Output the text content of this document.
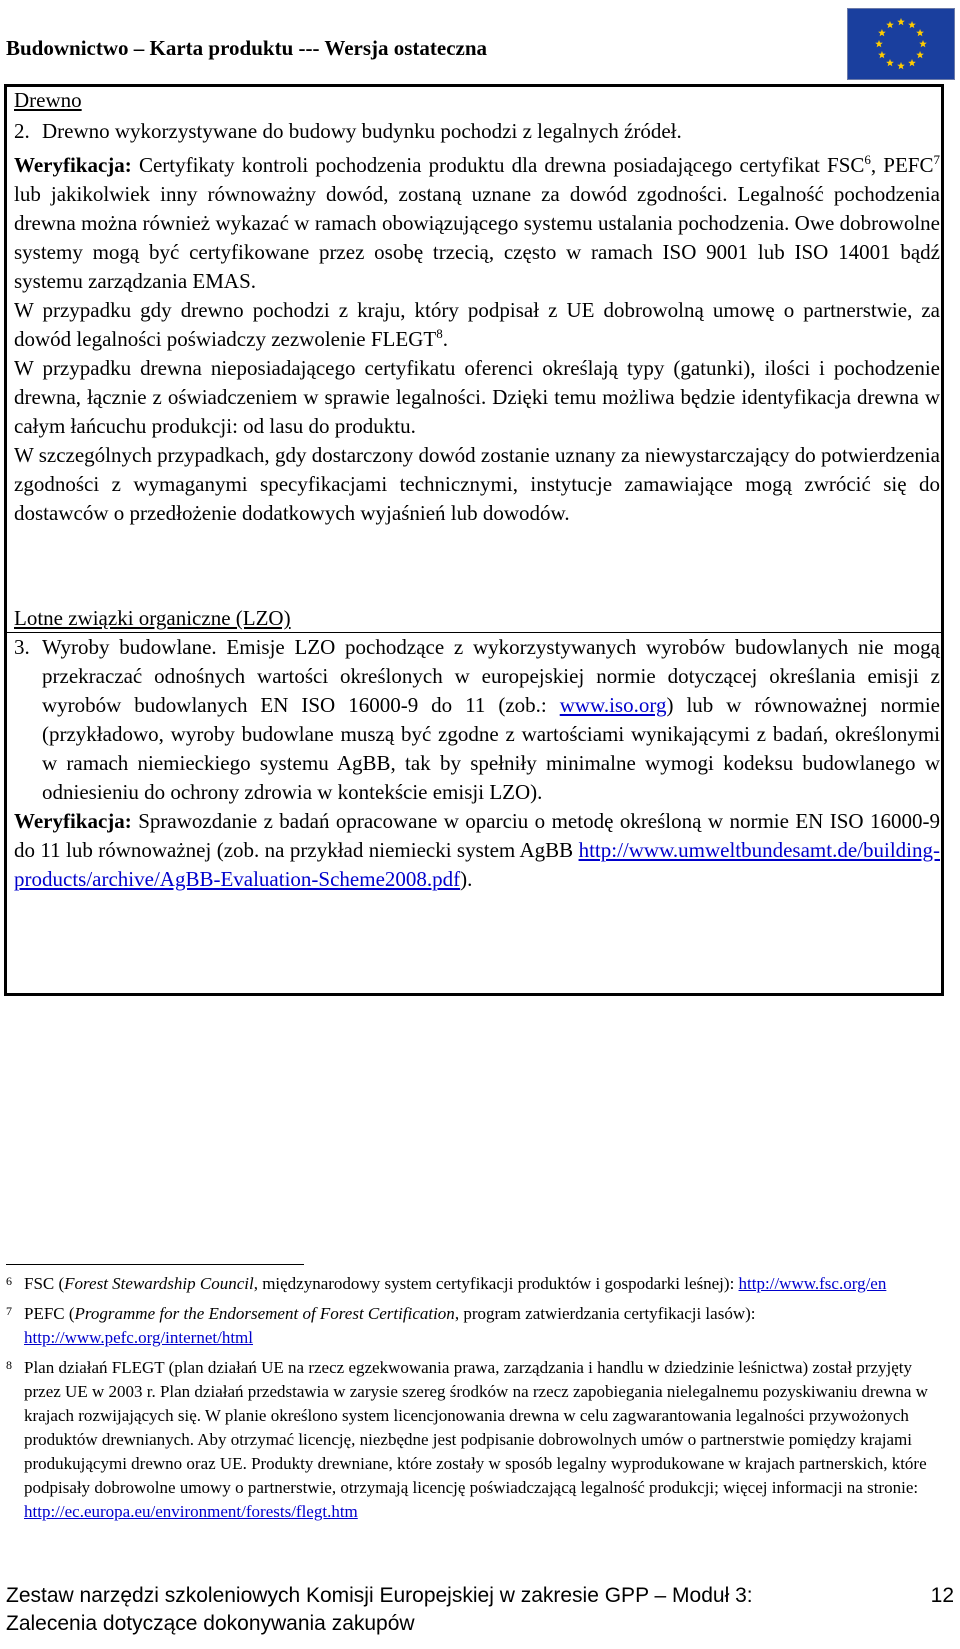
Budownictwo – Karta produktu --- Wersja ostateczna
Drewno
2. Drewno wykorzystywane do budowy budynku pochodzi z legalnych źródeł.
Weryfikacja: Certyfikaty kontroli pochodzenia produktu dla drewna posiadającego certyfikat FSC$^6$, PEFC$^7$ lub jakikolwiek inny równoważny dowód, zostaną uznane za dowód zgodności. Legalność pochodzenia drewna można również wykazać w ramach obowiązującego systemu ustalania pochodzenia. Owe dobrowolne systemy mogą być certyfikowane przez osobę trzecią, często w ramach ISO 9001 lub ISO 14001 bądź systemu zarządzania EMAS.
W przypadku gdy drewno pochodzi z kraju, który podpisał z UE dobrowolną umowę o partnerstwie, za dowód legalności poświadczy zezwolenie FLEGT$^8$.
W przypadku drewna nieposiadającego certyfikatu oferenci określają typy (gatunki), ilości i pochodzenie drewna, łącznie z oświadczeniem w sprawie legalności. Dzięki temu możliwa będzie identyfikacja drewna w całym łańcuchu produkcji: od lasu do produktu.
W szczególnych przypadkach, gdy dostarczony dowód zostanie uznany za niewystarczający do potwierdzenia zgodności z wymaganymi specyfikacjami technicznymi, instytucje zamawiające mogą zwrócić się do dostawców o przedłożenie dodatkowych wyjaśnień lub dowodów.
Lotne związki organiczne (LZO)
3. Wyroby budowlane. Emisje LZO pochodzące z wykorzystywanych wyrobów budowlanych nie mogą przekraczać odnośnych wartości określonych w europejskiej normie dotyczącej określania emisji z wyrobów budowlanych EN ISO 16000-9 do 11 (zob.: www.iso.org) lub w równoważnej normie (przykładowo, wyroby budowlane muszą być zgodne z wartościami wynikającymi z badań, określonymi w ramach niemieckiego systemu AgBB, tak by spełniły minimalne wymogi kodeksu budowlanego w odniesieniu do ochrony zdrowia w kontekście emisji LZO).
Weryfikacja: Sprawozdanie z badań opracowane w oparciu o metodę określoną w normie EN ISO 16000-9 do 11 lub równoważnej (zob. na przykład niemiecki system AgBB http://www.umweltbundesamt.de/building-products/archive/AgBB-Evaluation-Scheme2008.pdf).
6 FSC (Forest Stewardship Council, międzynarodowy system certyfikacji produktów i gospodarki leśnej): http://www.fsc.org/en
7 PEFC (Programme for the Endorsement of Forest Certification, program zatwierdzania certyfikacji lasów): http://www.pefc.org/internet/html
8 Plan działań FLEGT (plan działań UE na rzecz egzekwowania prawa, zarządzania i handlu w dziedzinie leśnictwa) został przyjęty przez UE w 2003 r. Plan działań przedstawia w zarysie szereg środków na rzecz zapobiegania nielegalnemu pozyskiwaniu drewna w krajach rozwijających się. W planie określono system licencjonowania drewna w celu zagwarantowania legalności przywożonych produktów drewnianych. Aby otrzymać licencję, niezbędne jest podpisanie dobrowolnych umów o partnerstwie pomiędzy krajami produkującymi drewno oraz UE. Produkty drewniane, które zostały w sposób legalny wyprodukowane w krajach partnerskich, które podpisały dobrowolne umowy o partnerstwie, otrzymają licencję poświadczającą legalność produkcji; więcej informacji na stronie: http://ec.europa.eu/environment/forests/flegt.htm
Zestaw narzędzi szkoleniowych Komisji Europejskiej w zakresie GPP – Moduł 3:
Zalecenia dotyczące dokonywania zakupów
12
